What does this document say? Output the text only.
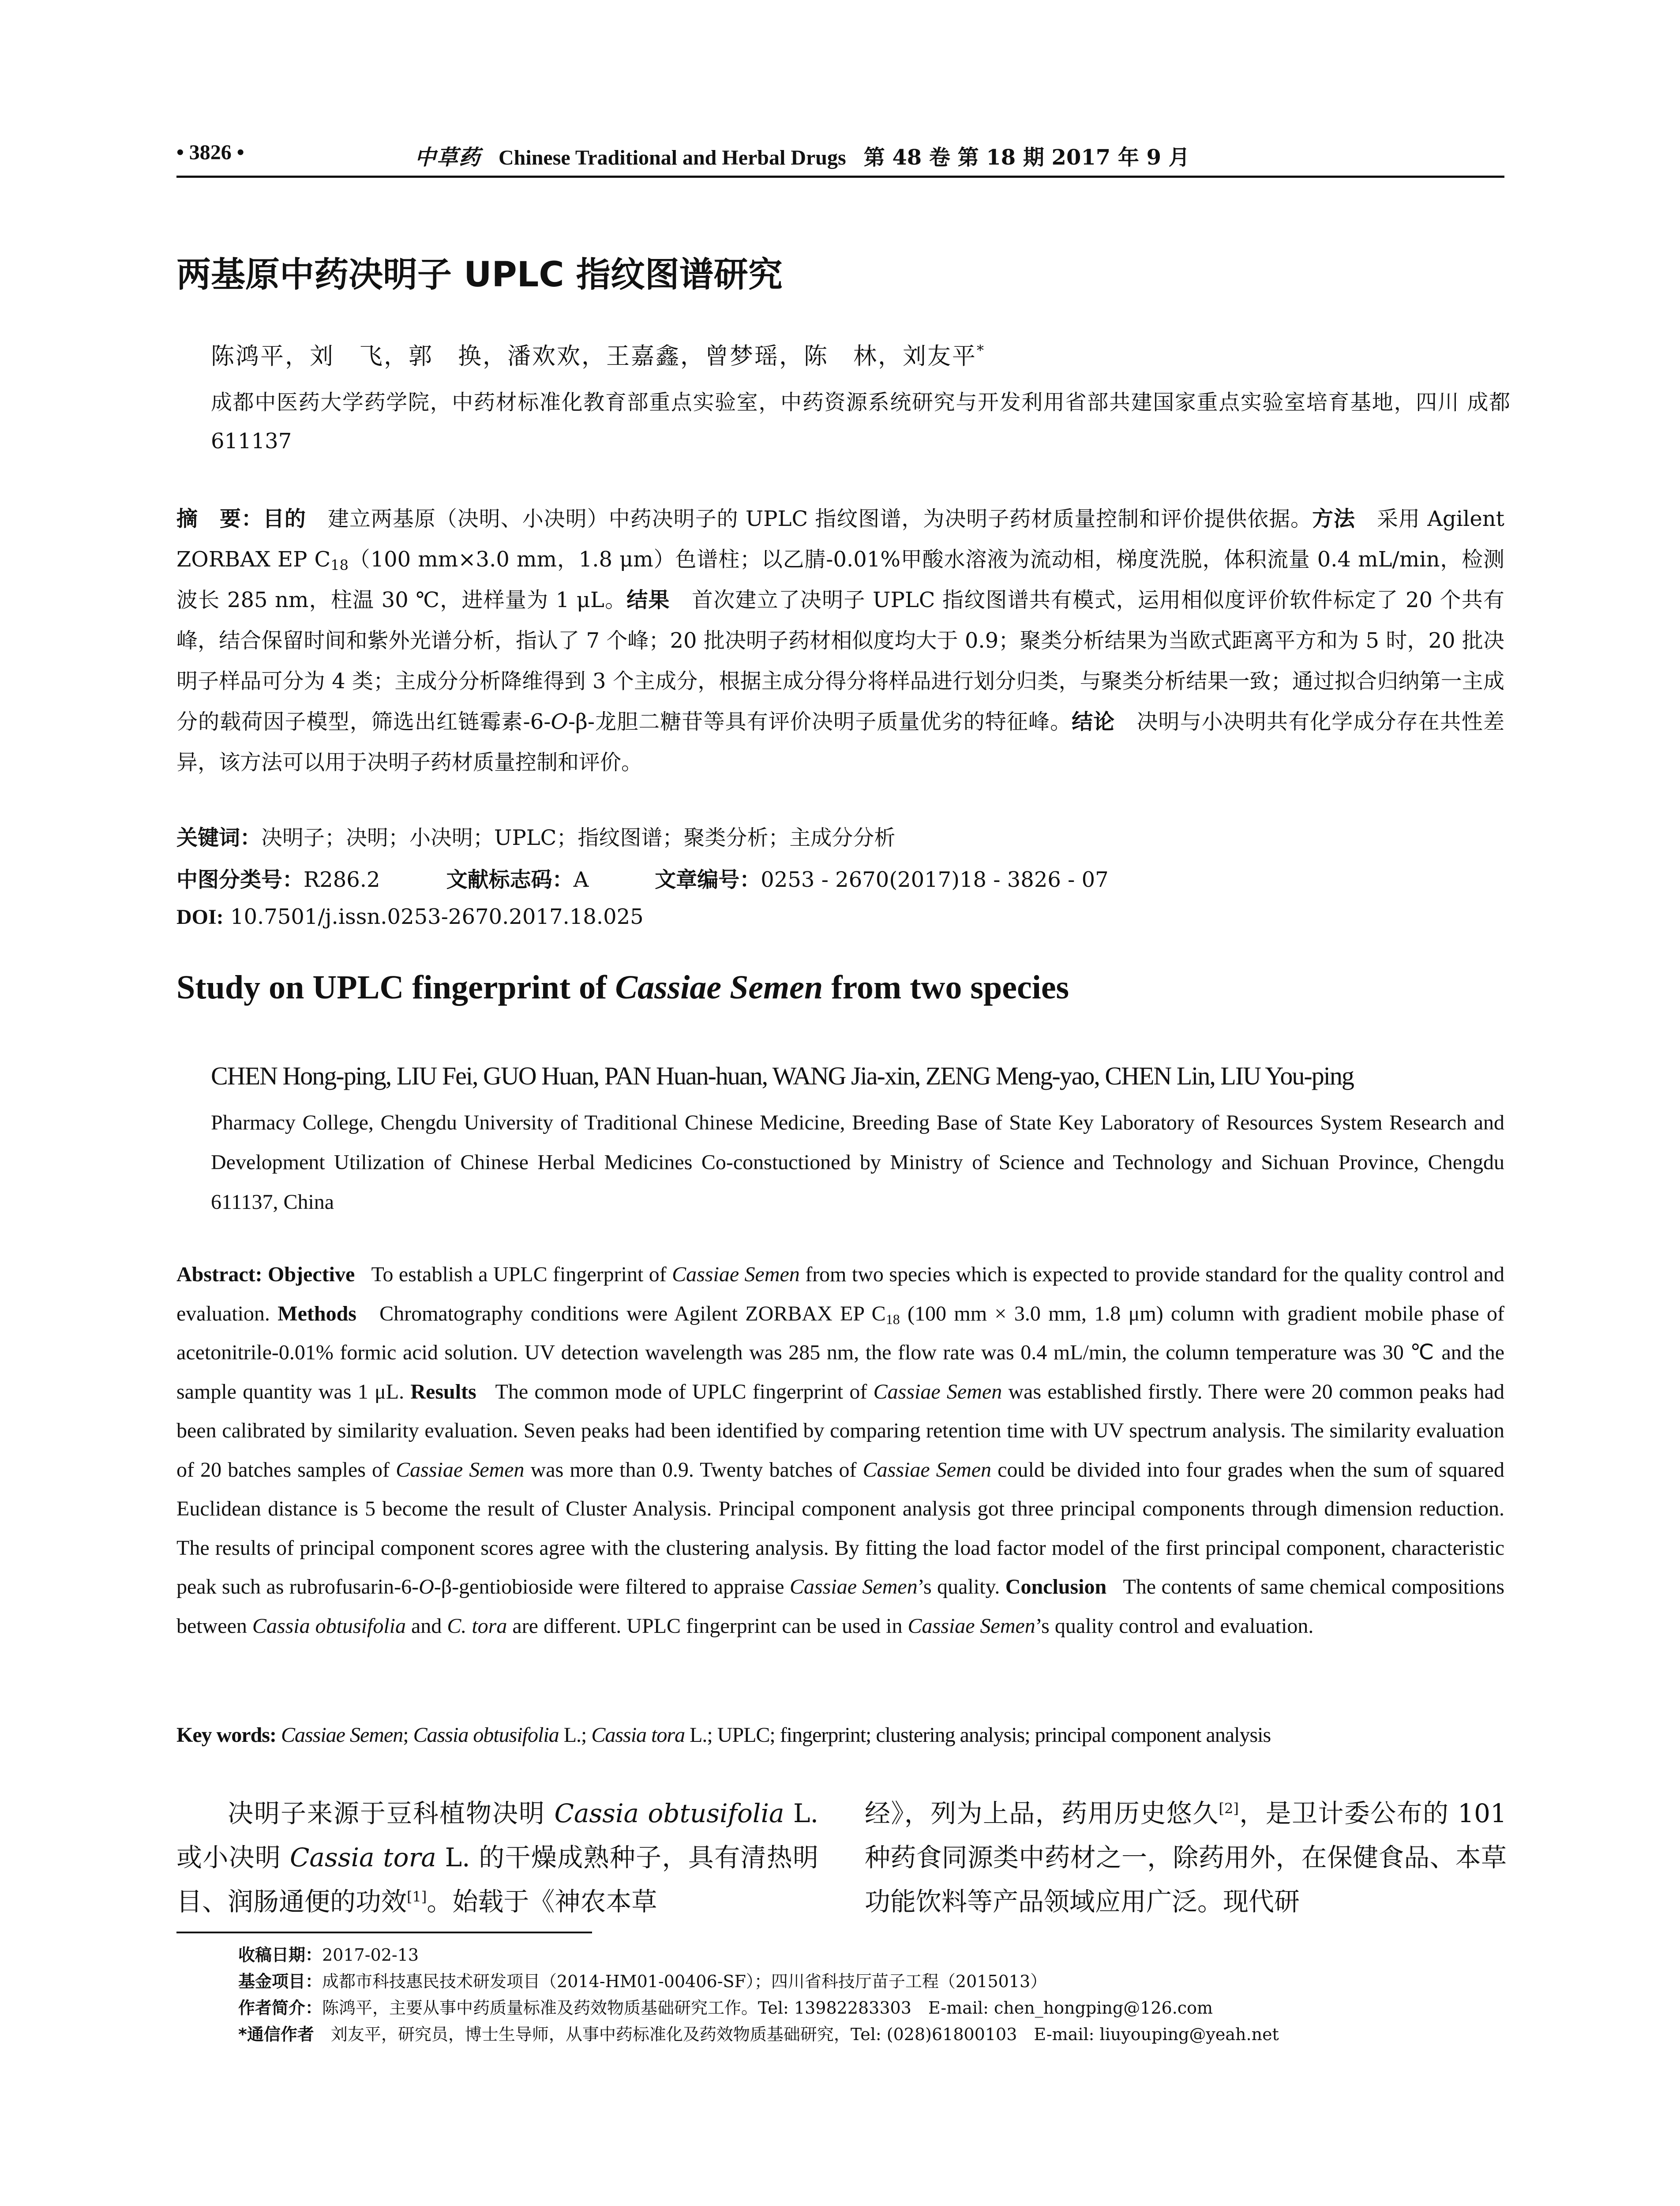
• 3826 •	中草药 Chinese Traditional and Herbal Drugs 第 48 卷 第 18 期 2017 年 9 月
两基原中药决明子 UPLC 指纹图谱研究
陈鸿平，刘　飞，郭　换，潘欢欢，王嘉鑫，曾梦瑶，陈　林，刘友平*
成都中医药大学药学院，中药材标准化教育部重点实验室，中药资源系统研究与开发利用省部共建国家重点实验室培育基地，四川 成都　611137
摘　要：目的　 建立两基原（决明、小决明）中药决明子的 UPLC 指纹图谱，为决明子药材质量控制和评价提供依据。方法　 采用 Agilent ZORBAX EP $C_{18}(100$ mm×3.0 mm，1.8 μm）色谱柱；以乙腈-0.01%甲酸水溶液为流动相，梯度洗脱，体积流量 0.4 mL/min，检测波长 285 nm，柱温 30 ℃，进样量为 1 μL。结果　 首次建立了决明子 UPLC 指纹图谱共有模式，运用相似度评价软件标定了 20 个共有峰，结合保留时间和紫外光谱分析，指认了 7 个峰；20 批决明子药材相似度均大于 0.9；聚类分析结果为当欧式距离平方和为 5 时，20 批决明子样品可分为 4 类；主成分分析降维得到 3 个主成分，根据主成分得分将样品进行划分归类，与聚类分析结果一致；通过拟合归纳第一主成分的载荷因子模型，筛选出红链霉素-6-O-β-龙胆二糖苷等具有评价决明子质量优劣的特征峰。结论　 决明与小决明共有化学成分存在共性差异，该方法可以用于决明子药材质量控制和评价。
关键词：决明子；决明；小决明；UPLC；指纹图谱；聚类分析；主成分分析
中图分类号：R286.2	文献标志码：A	文章编号：0253 - 2670(2017)18 - 3826 - 07
DOI: 10.7501/j.issn.0253-2670.2017.18.025
Study on UPLC fingerprint of Cassiae Semen from two species
CHEN Hong-ping, LIU Fei, GUO Huan, PAN Huan-huan, WANG Jia-xin, ZENG Meng-yao, CHEN Lin, LIU You-ping
Pharmacy College, Chengdu University of Traditional Chinese Medicine, Breeding Base of State Key Laboratory of Resources System Research and Development Utilization of Chinese Herbal Medicines Co-constuctioned by Ministry of Science and Technology and Sichuan Province, Chengdu 611137, China
Abstract: Objective To establish a UPLC fingerprint of Cassiae Semen from two species which is expected to provide standard for the quality control and evaluation. Methods Chromatography conditions were Agilent ZORBAX EP $C_{18}$ (100 mm × 3.0 mm, 1.8 μm) column with gradient mobile phase of acetonitrile-0.01% formic acid solution. UV detection wavelength was 285 nm, the flow rate was 0.4 mL/min, the column temperature was 30 ℃ and the sample quantity was 1 μL. Results The common mode of UPLC fingerprint of Cassiae Semen was established firstly. There were 20 common peaks had been calibrated by similarity evaluation. Seven peaks had been identified by comparing retention time with UV spectrum analysis. The similarity evaluation of 20 batches samples of Cassiae Semen was more than 0.9. Twenty batches of Cassiae Semen could be divided into four grades when the sum of squared Euclidean distance is 5 become the result of Cluster Analysis. Principal component analysis got three principal components through dimension reduction. The results of principal component scores agree with the clustering analysis. By fitting the load factor model of the first principal component, characteristic peak such as rubrofusarin-6-O-β-gentiobioside were filtered to appraise Cassiae Semen’s quality. Conclusion The contents of same chemical compositions between Cassia obtusifolia and C. tora are different. UPLC fingerprint can be used in Cassiae Semen’s quality control and evaluation.
Key words: Cassiae Semen; Cassia obtusifolia L.; Cassia tora L.; UPLC; fingerprint; clustering analysis; principal component analysis
决明子来源于豆科植物决明 Cassia obtusifolia L. 或小决明 Cassia tora L. 的干燥成熟种子，具有清热明目、润肠通便的功效[1]。始载于《神农本草
经》，列为上品，药用历史悠久[2]，是卫计委公布的 101 种药食同源类中药材之一，除药用外，在保健食品、本草功能饮料等产品领域应用广泛。现代研
收稿日期：2017-02-13
基金项目：成都市科技惠民技术研发项目（2014-HM01-00406-SF）；四川省科技厅苗子工程（2015013）
作者简介：陈鸿平，主要从事中药质量标准及药效物质基础研究工作。Tel: 13982283303　E-mail: chen_hongping@126.com
*通信作者　刘友平，研究员，博士生导师，从事中药标准化及药效物质基础研究，Tel: (028)61800103　E-mail: liuyouping@yeah.net
